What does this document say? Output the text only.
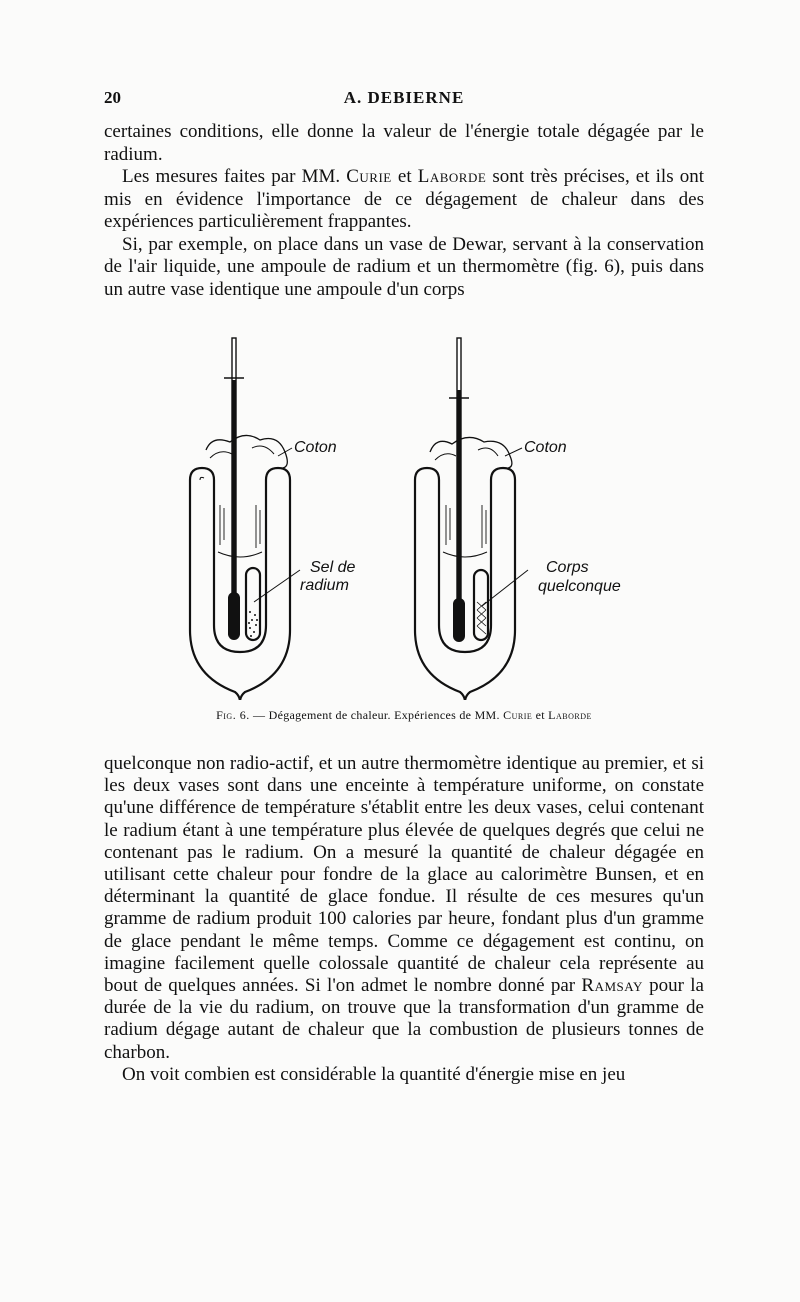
20	A. DEBIERNE

certaines conditions, elle donne la valeur de l'énergie totale dégagée par le radium.

Les mesures faites par MM. Curie et Laborde sont très précises, et ils ont mis en évidence l'importance de ce dégagement de chaleur dans des expériences particulièrement frappantes.

Si, par exemple, on place dans un vase de Dewar, servant à la conservation de l'air liquide, une ampoule de radium et un thermomètre (fig. 6), puis dans un autre vase identique une ampoule d'un corps

Coton
Sel de
radium
Coton
Corps
quelconque
Fig. 6. — Dégagement de chaleur. Expériences de MM. Curie et Laborde

quelconque non radio-actif, et un autre thermomètre identique au premier, et si les deux vases sont dans une enceinte à température uniforme, on constate qu'une différence de température s'établit entre les deux vases, celui contenant le radium étant à une température plus élevée de quelques degrés que celui ne contenant pas le radium. On a mesuré la quantité de chaleur dégagée en utilisant cette chaleur pour fondre de la glace au calorimètre Bunsen, et en déterminant la quantité de glace fondue. Il résulte de ces mesures qu'un gramme de radium produit 100 calories par heure, fondant plus d'un gramme de glace pendant le même temps. Comme ce dégagement est continu, on imagine facilement quelle colossale quantité de chaleur cela représente au bout de quelques années. Si l'on admet le nombre donné par Ramsay pour la durée de la vie du radium, on trouve que la transformation d'un gramme de radium dégage autant de chaleur que la combustion de plusieurs tonnes de charbon.

On voit combien est considérable la quantité d'énergie mise en jeu
